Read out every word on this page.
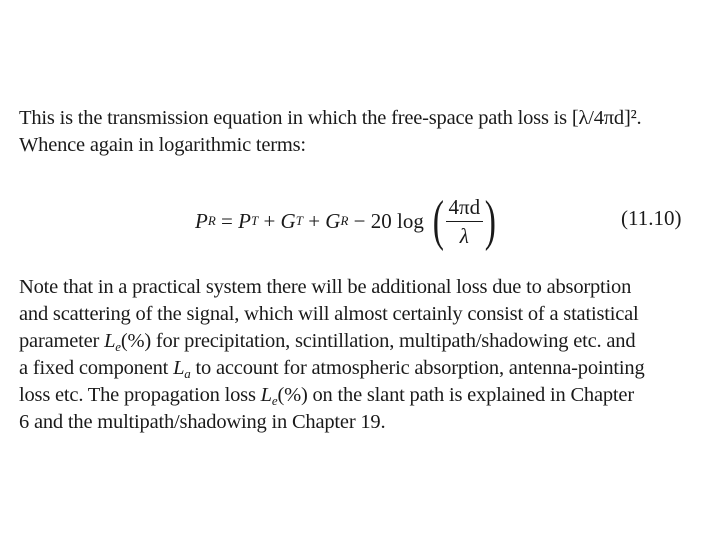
This is the transmission equation in which the free-space path loss is [λ/4πd]².
Whence again in logarithmic terms:
P R = P T + G T + G R − 20 log ( $\frac{4\pi d}{\lambda}$ )	(11.10)
Note that in a practical system there will be additional loss due to absorption
and scattering of the signal, which will almost certainly consist of a statistical
parameter Le(%) for precipitation, scintillation, multipath/shadowing etc. and
a fixed component La to account for atmospheric absorption, antenna-pointing
loss etc. The propagation loss Le(%) on the slant path is explained in Chapter
6 and the multipath/shadowing in Chapter 19.
